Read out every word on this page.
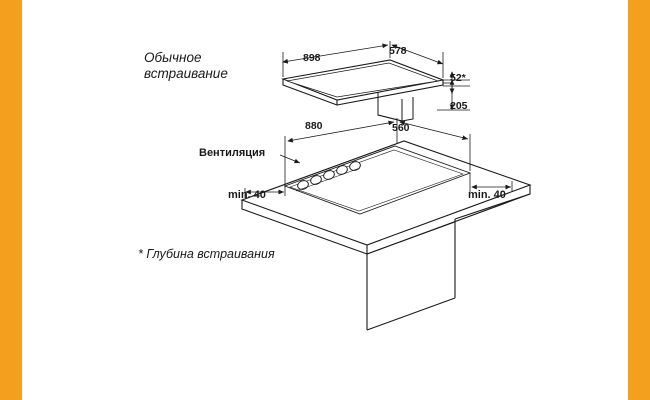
Обычное
встраивание
898
578
52*
205
880	560
Вентиляция
min. 40	min. 40
* Глубина встраивания
